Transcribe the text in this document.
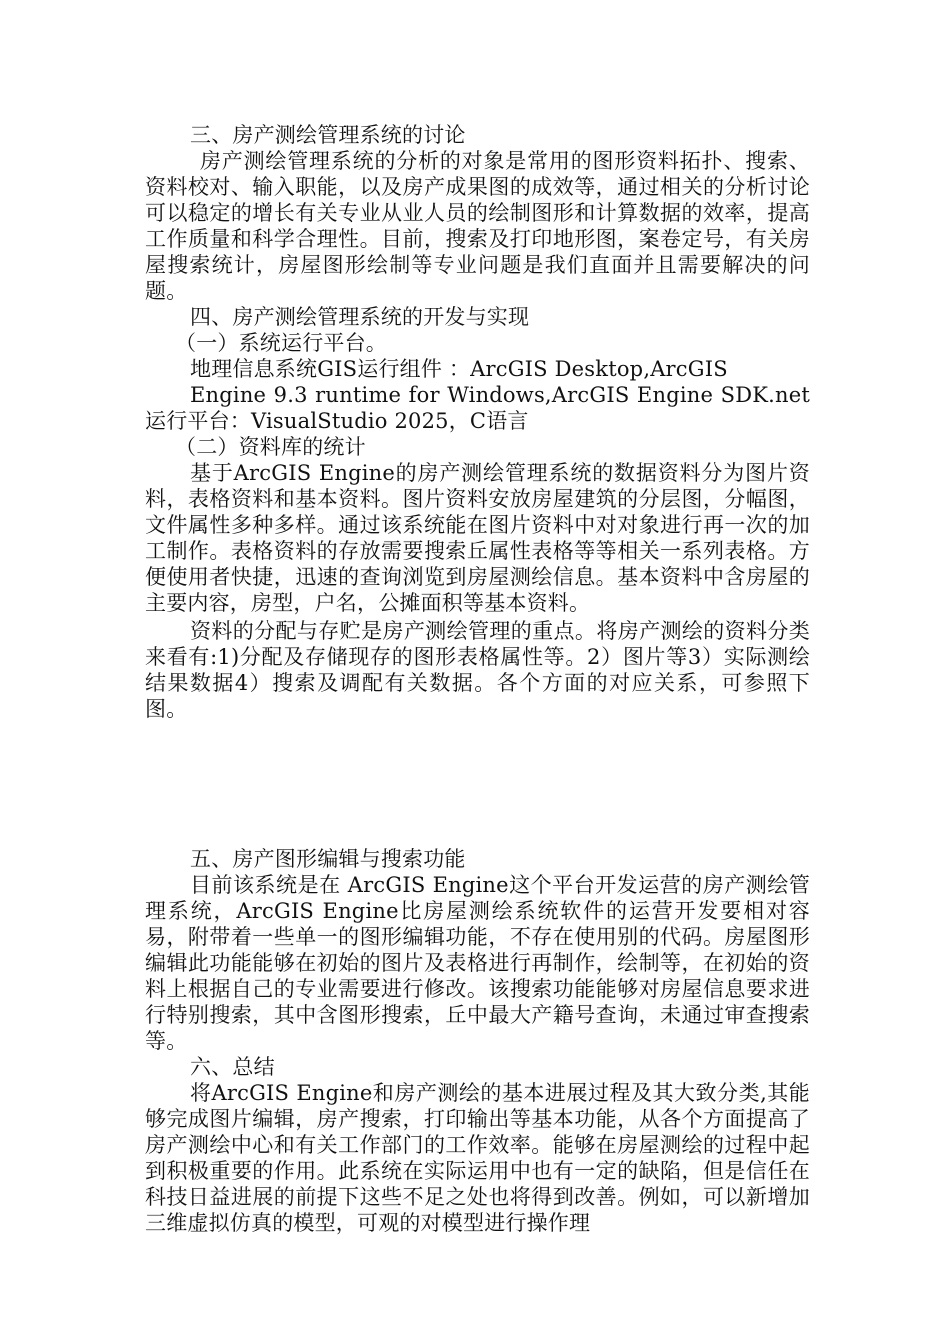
三、房产测绘管理系统的讨论

房产测绘管理系统的分析的对象是常用的图形资料拓扑、搜索、资料校对、输入职能，以及房产成果图的成效等，通过相关的分析讨论可以稳定的增长有关专业从业人员的绘制图形和计算数据的效率，提高工作质量和科学合理性。目前，搜索及打印地形图，案卷定号，有关房屋搜索统计，房屋图形绘制等专业问题是我们直面并且需要解决的问题。

四、房产测绘管理系统的开发与实现

（一）系统运行平台。

地理信息系统GIS运行组件 ：ArcGIS Desktop,ArcGIS

Engine 9.3 runtime for Windows,ArcGIS Engine SDK.net运行平台：VisualStudio 2025，C语言

（二）资料库的统计

基于ArcGIS Engine的房产测绘管理系统的数据资料分为图片资料，表格资料和基本资料。图片资料安放房屋建筑的分层图，分幅图，文件属性多种多样。通过该系统能在图片资料中对对象进行再一次的加工制作。表格资料的存放需要搜索丘属性表格等等相关一系列表格。方便使用者快捷，迅速的查询浏览到房屋测绘信息。基本资料中含房屋的主要内容，房型，户名，公摊面积等基本资料。

资料的分配与存贮是房产测绘管理的重点。将房产测绘的资料分类来看有:1)分配及存储现存的图形表格属性等。2）图片等3）实际测绘结果数据4）搜索及调配有关数据。各个方面的对应关系，可参照下图。

五、房产图形编辑与搜索功能

目前该系统是在 ArcGIS Engine这个平台开发运营的房产测绘管理系统，ArcGIS Engine比房屋测绘系统软件的运营开发要相对容易，附带着一些单一的图形编辑功能，不存在使用别的代码。房屋图形编辑此功能能够在初始的图片及表格进行再制作，绘制等，在初始的资料上根据自己的专业需要进行修改。该搜索功能能够对房屋信息要求进行特别搜索，其中含图形搜索，丘中最大产籍号查询，未通过审查搜索等。

六、总结

将ArcGIS Engine和房产测绘的基本进展过程及其大致分类,其能够完成图片编辑，房产搜索，打印输出等基本功能，从各个方面提高了房产测绘中心和有关工作部门的工作效率。能够在房屋测绘的过程中起到积极重要的作用。此系统在实际运用中也有一定的缺陷，但是信任在科技日益进展的前提下这些不足之处也将得到改善。例如，可以新增加三维虚拟仿真的模型，可观的对模型进行操作理
